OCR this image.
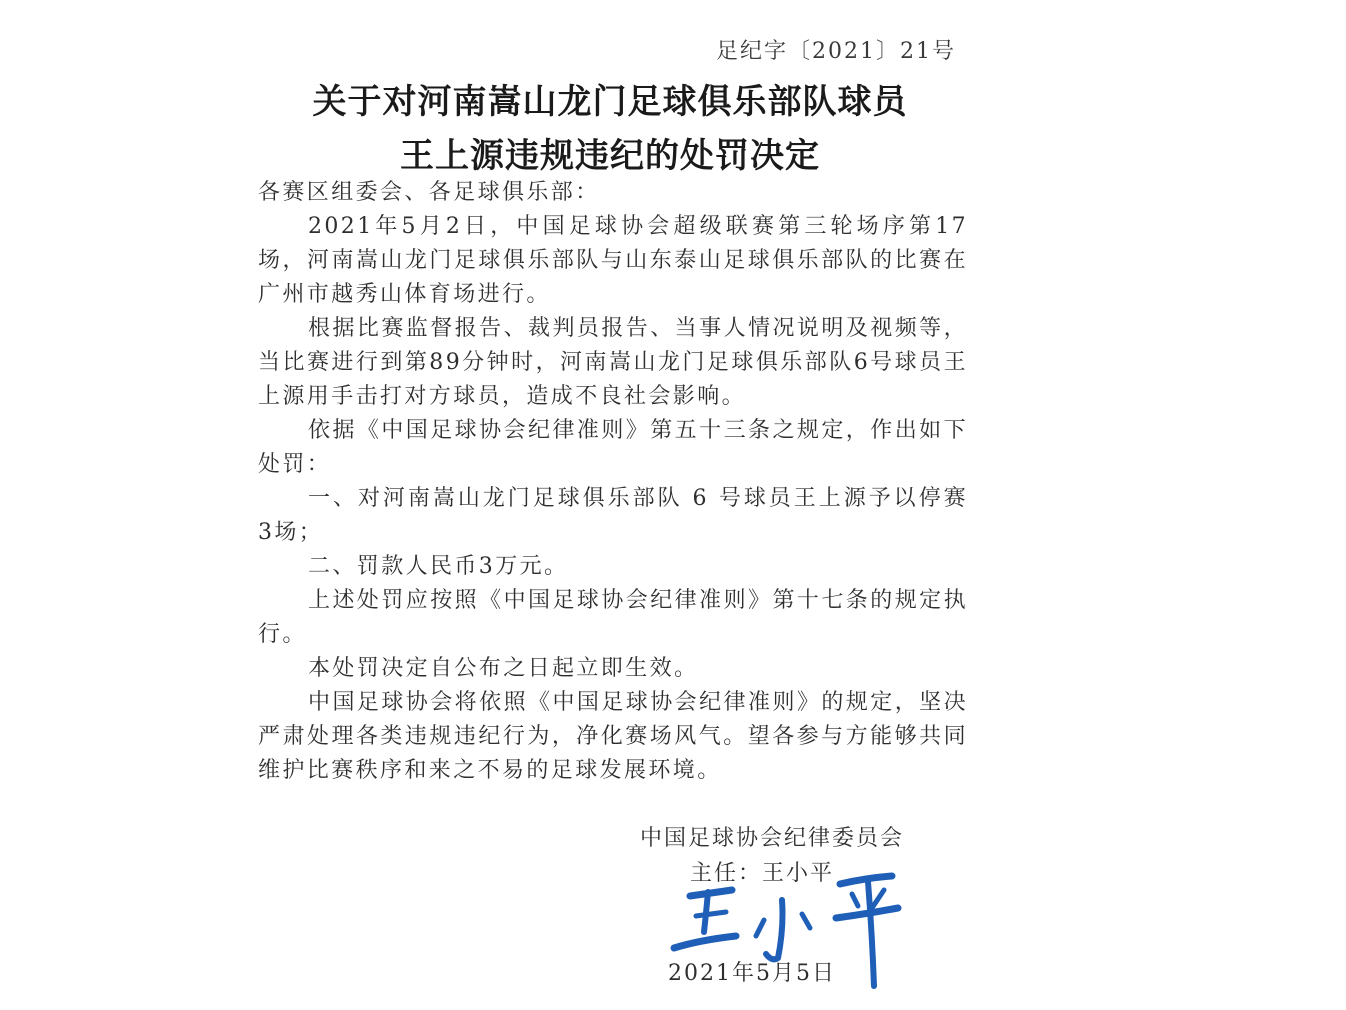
足纪字〔2021〕21号
关于对河南嵩山龙门足球俱乐部队球员
王上源违规违纪的处罚决定

各赛区组委会、各足球俱乐部：

2021年5月2日，中国足球协会超级联赛第三轮场序第17场，河南嵩山龙门足球俱乐部队与山东泰山足球俱乐部队的比赛在广州市越秀山体育场进行。

根据比赛监督报告、裁判员报告、当事人情况说明及视频等，当比赛进行到第89分钟时，河南嵩山龙门足球俱乐部队6号球员王上源用手击打对方球员，造成不良社会影响。

依据《中国足球协会纪律准则》第五十三条之规定，作出如下处罚：

一、对河南嵩山龙门足球俱乐部队 6 号球员王上源予以停赛3场；

二、罚款人民币3万元。

上述处罚应按照《中国足球协会纪律准则》第十七条的规定执行。

本处罚决定自公布之日起立即生效。

中国足球协会将依照《中国足球协会纪律准则》的规定，坚决严肃处理各类违规违纪行为，净化赛场风气。望各参与方能够共同维护比赛秩序和来之不易的足球发展环境。

中国足球协会纪律委员会
主任：王小平
2021年5月5日
